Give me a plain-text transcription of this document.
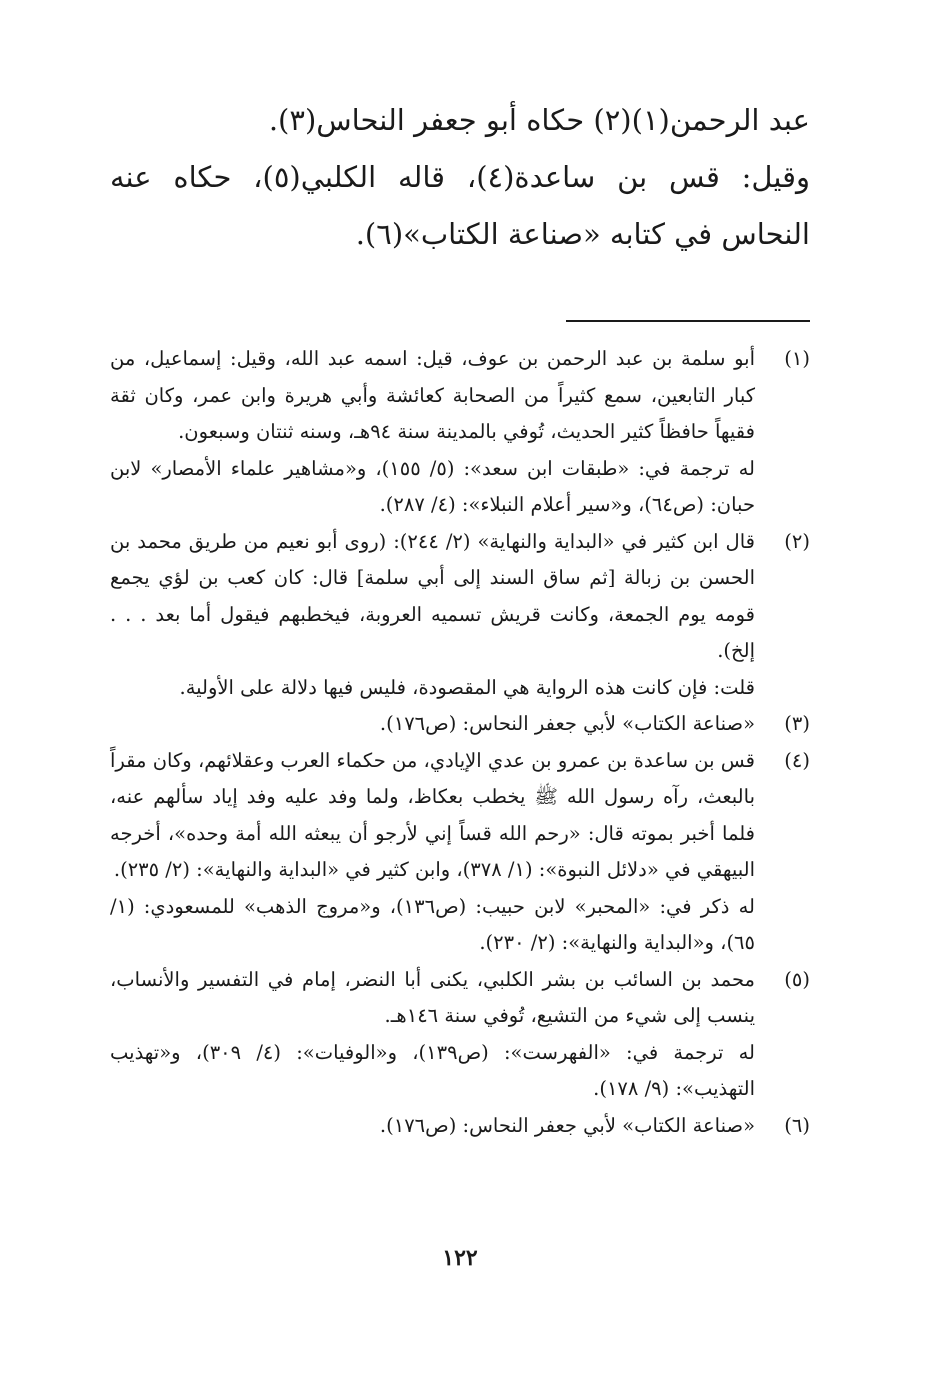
عبد الرحمن(١)(٢) حكاه أبو جعفر النحاس(٣).

وقيل: قس بن ساعدة(٤)، قاله الكلبي(٥)، حكاه عنه النحاس في كتابه «صناعة الكتاب»(٦).

(١)

أبو سلمة بن عبد الرحمن بن عوف، قيل: اسمه عبد الله، وقيل: إسماعيل، من كبار التابعين، سمع كثيراً من الصحابة كعائشة وأبي هريرة وابن عمر، وكان ثقة فقيهاً حافظاً كثير الحديث، تُوفي بالمدينة سنة ٩٤هـ، وسنه ثنتان وسبعون.

له ترجمة في: «طبقات ابن سعد»: (٥/ ١٥٥)، و«مشاهير علماء الأمصار» لابن حبان: (ص٦٤)، و«سير أعلام النبلاء»: (٤/ ٢٨٧).

(٢)

قال ابن كثير في «البداية والنهاية» (٢/ ٢٤٤): (روى أبو نعيم من طريق محمد بن الحسن بن زبالة [ثم ساق السند إلى أبي سلمة] قال: كان كعب بن لؤي يجمع قومه يوم الجمعة، وكانت قريش تسميه العروبة، فيخطبهم فيقول أما بعد . . . إلخ).

قلت: فإن كانت هذه الرواية هي المقصودة، فليس فيها دلالة على الأولية.

(٣)

«صناعة الكتاب» لأبي جعفر النحاس: (ص١٧٦).

(٤)

قس بن ساعدة بن عمرو بن عدي الإيادي، من حكماء العرب وعقلائهم، وكان مقراً بالبعث، رآه رسول الله ﷺ يخطب بعكاظ، ولما وفد عليه وفد إياد سألهم عنه، فلما أخبر بموته قال: «رحم الله قساً إني لأرجو أن يبعثه الله أمة وحده»، أخرجه البيهقي في «دلائل النبوة»: (١/ ٣٧٨)، وابن كثير في «البداية والنهاية»: (٢/ ٢٣٥).

له ذكر في: «المحبر» لابن حبيب: (ص١٣٦)، و«مروج الذهب» للمسعودي: (١/ ٦٥)، و«البداية والنهاية»: (٢/ ٢٣٠).

(٥)

محمد بن السائب بن بشر الكلبي، يكنى أبا النضر، إمام في التفسير والأنساب، ينسب إلى شيء من التشيع، تُوفي سنة ١٤٦هـ.

له ترجمة في: «الفهرست»: (ص١٣٩)، و«الوفيات»: (٤/ ٣٠٩)، و«تهذيب التهذيب»: (٩/ ١٧٨).

(٦)

«صناعة الكتاب» لأبي جعفر النحاس: (ص١٧٦).

١٢٢
